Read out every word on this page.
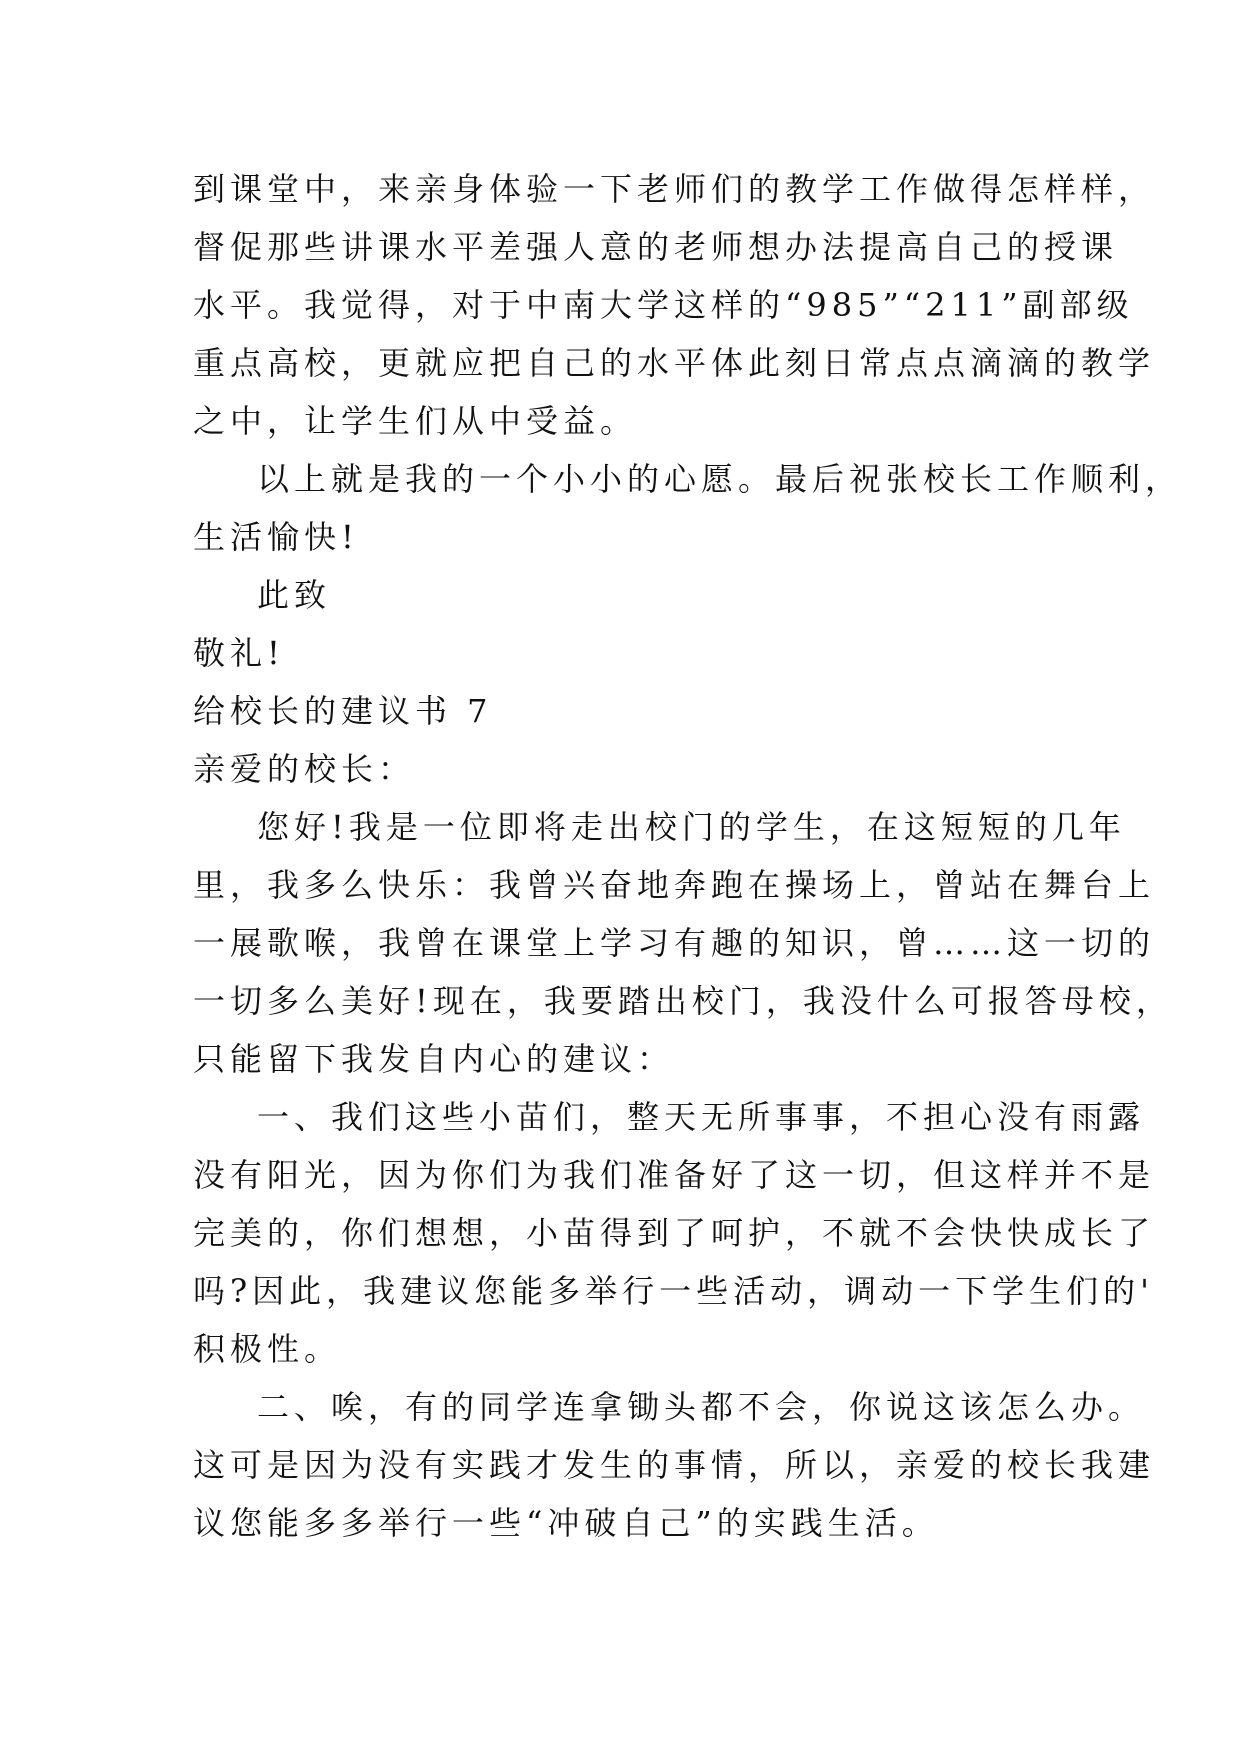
到课堂中，来亲身体验一下老师们的教学工作做得怎样样，
督促那些讲课水平差强人意的老师想办法提高自己的授课
水平。我觉得，对于中南大学这样的“985”“211”副部级
重点高校，更就应把自己的水平体此刻日常点点滴滴的教学
之中，让学生们从中受益。
以上就是我的一个小小的心愿。最后祝张校长工作顺利，
生活愉快!
此致
敬礼!
给校长的建议书 7
亲爱的校长：
您好!我是一位即将走出校门的学生，在这短短的几年
里，我多么快乐：我曾兴奋地奔跑在操场上，曾站在舞台上
一展歌喉，我曾在课堂上学习有趣的知识，曾……这一切的
一切多么美好!现在，我要踏出校门，我没什么可报答母校，
只能留下我发自内心的建议：
一、我们这些小苗们，整天无所事事，不担心没有雨露
没有阳光，因为你们为我们准备好了这一切，但这样并不是
完美的，你们想想，小苗得到了呵护，不就不会快快成长了
吗?因此，我建议您能多举行一些活动，调动一下学生们的'
积极性。
二、唉，有的同学连拿锄头都不会，你说这该怎么办。
这可是因为没有实践才发生的事情，所以，亲爱的校长我建
议您能多多举行一些“冲破自己”的实践生活。
